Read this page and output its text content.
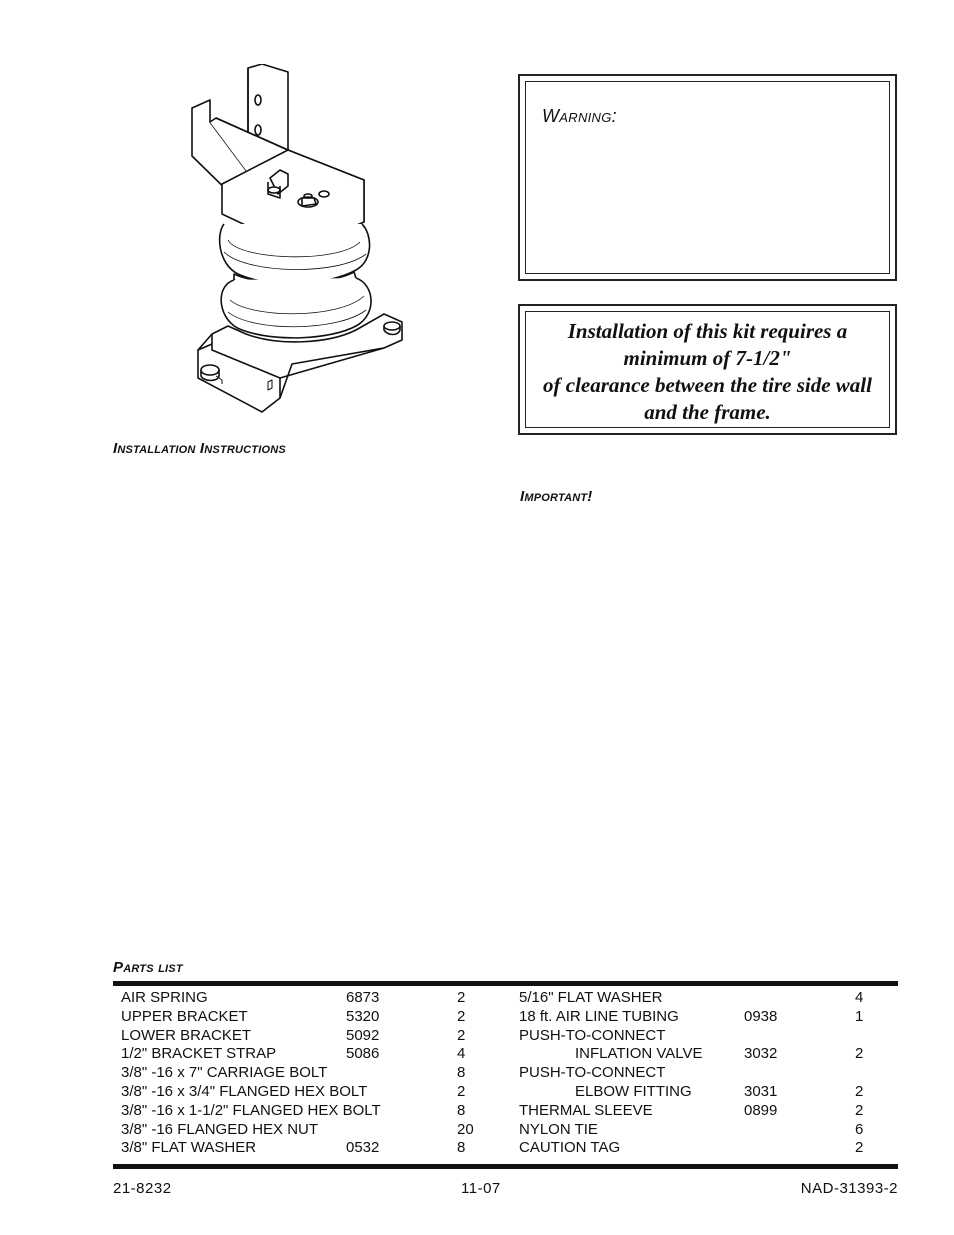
Warning:
Installation of this kit requires a
minimum of 7-1/2"
of clearance between the tire side wall
and the frame.
Installation Instructions
Important!
Parts list
AIR SPRING	6873	2
UPPER BRACKET	5320	2
LOWER BRACKET	5092	2
1/2" BRACKET STRAP	5086	4
3/8" -16 x 7" CARRIAGE BOLT	8
3/8" -16 x 3/4" FLANGED HEX BOLT	2
3/8" -16 x 1-1/2" FLANGED HEX BOLT	8
3/8" -16 FLANGED HEX NUT	20
3/8" FLAT WASHER	0532	8
5/16" FLAT WASHER	4
18 ft. AIR LINE TUBING	0938	1
PUSH-TO-CONNECT
INFLATION VALVE	3032	2
PUSH-TO-CONNECT
ELBOW FITTING	3031	2
THERMAL SLEEVE	0899	2
NYLON TIE	6
CAUTION TAG	2
21-8232	11-07	NAD-31393-2
